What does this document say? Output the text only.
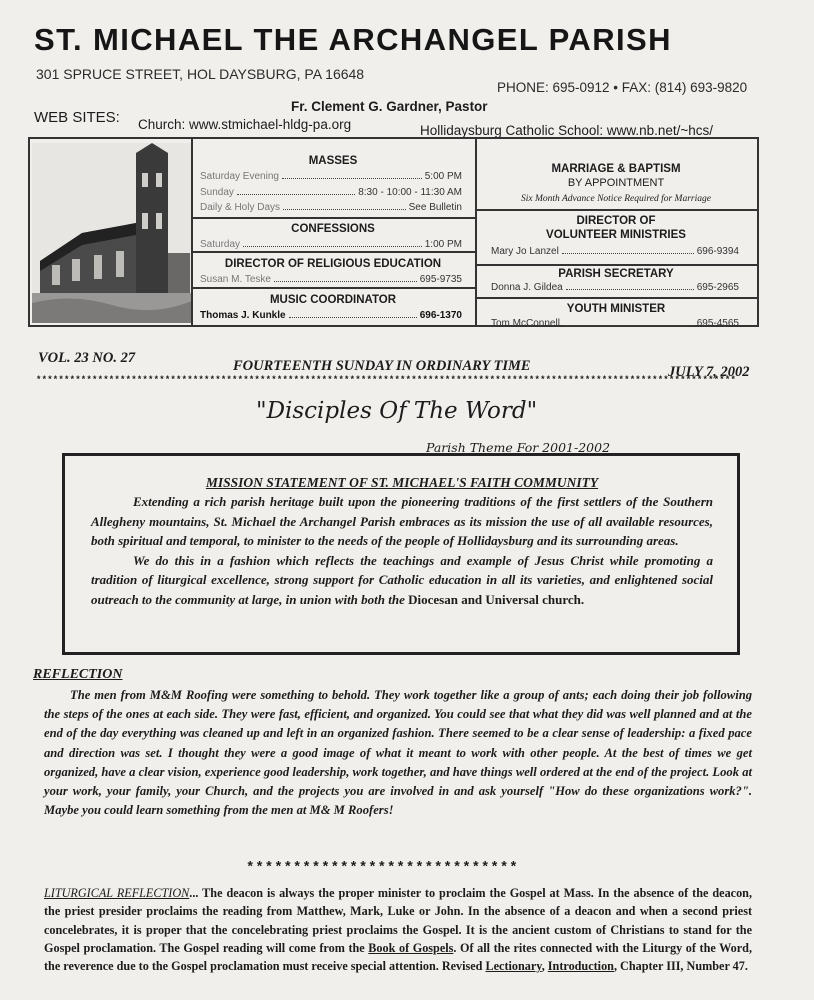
ST. MICHAEL THE ARCHANGEL PARISH
301 SPRUCE STREET, HOL DAYSBURG, PA 16648
PHONE: 695-0912 • FAX: (814) 693-9820
Fr. Clement G. Gardner, Pastor
WEB SITES: Church: www.stmichael-hldg-pa.org	Hollidaysburg Catholic School: www.nb.net/~hcs/
MASSES
Saturday Evening	5:00 PM
Sunday	8:30 - 10:00 - 11:30 AM
Daily & Holy Days	See Bulletin
CONFESSIONS
Saturday	1:00 PM
DIRECTOR OF RELIGIOUS EDUCATION
Susan M. Teske	695-9735
MUSIC COORDINATOR
Thomas J. Kunkle	696-1370
MARRIAGE & BAPTISM
BY APPOINTMENT
Six Month Advance Notice Required for Marriage
DIRECTOR OF
VOLUNTEER MINISTRIES
Mary Jo Lanzel	696-9394
PARISH SECRETARY
Donna J. Gildea	695-2965
YOUTH MINISTER
Tom McConnell	695-4565
VOL. 23 NO. 27	FOURTEENTH SUNDAY IN ORDINARY TIME	JULY 7, 2002
*****************************************************************************************************************************
"Disciples Of The Word"
Parish Theme For 2001-2002
MISSION STATEMENT OF ST. MICHAEL'S FAITH COMMUNITY

Extending a rich parish heritage built upon the pioneering traditions of the first settlers of the Southern Allegheny mountains, St. Michael the Archangel Parish embraces as its mission the use of all available resources, both spiritual and temporal, to minister to the needs of the people of Hollidaysburg and its surrounding areas.

We do this in a fashion which reflects the teachings and example of Jesus Christ while promoting a tradition of liturgical excellence, strong support for Catholic education in all its varieties, and enlightened social outreach to the community at large, in union with both the Diocesan and Universal church.

REFLECTION

The men from M&M Roofing were something to behold. They work together like a group of ants; each doing their job following the steps of the ones at each side. They were fast, efficient, and organized. You could see that what they did was well planned and at the end of the day everything was cleaned up and left in an organized fashion. There seemed to be a clear sense of leadership: a fixed pace and direction was set. I thought they were a good image of what it meant to work with other people. At the best of times we get organized, have a clear vision, experience good leadership, work together, and have things well ordered at the end of the project. Look at your work, your family, your Church, and the projects you are involved in and ask yourself "How do these organizations work?". Maybe you could learn something from the men at M& M Roofers!

*****************************

LITURGICAL REFLECTION... The deacon is always the proper minister to proclaim the Gospel at Mass. In the absence of the deacon, the priest presider proclaims the reading from Matthew, Mark, Luke or John. In the absence of a deacon and when a second priest concelebrates, it is proper that the concelebrating priest proclaims the Gospel. It is the ancient custom of Christians to stand for the Gospel proclamation. The Gospel reading will come from the Book of Gospels. Of all the rites connected with the Liturgy of the Word, the reverence due to the Gospel proclamation must receive special attention. Revised Lectionary, Introduction, Chapter III, Number 47.
